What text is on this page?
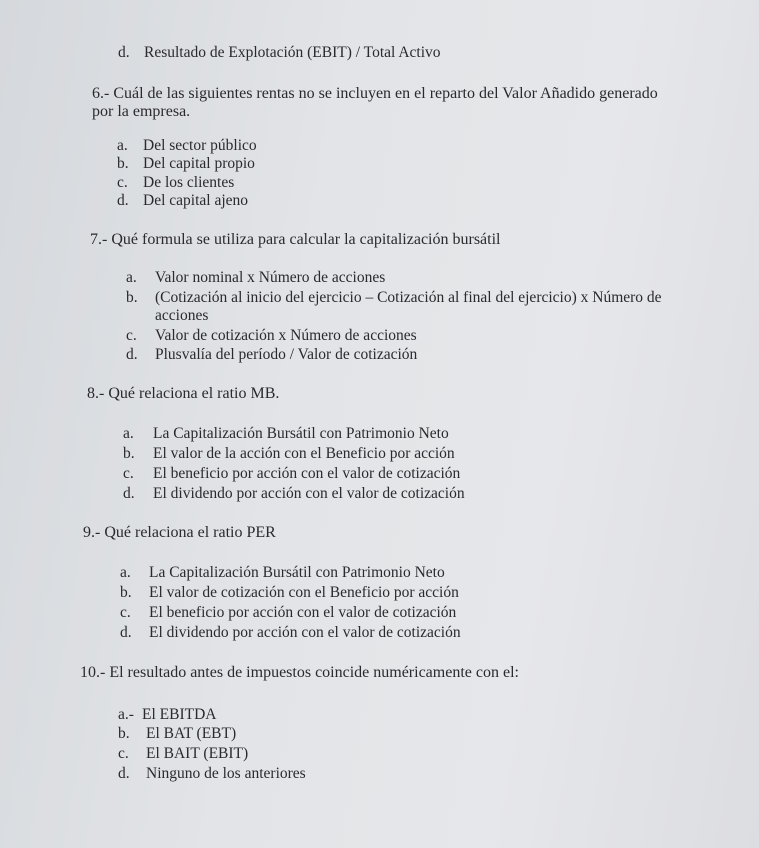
d. Resultado de Explotación (EBIT) / Total Activo
6.- Cuál de las siguientes rentas no se incluyen en el reparto del Valor Añadido generado
por la empresa.
a. Del sector público
b. Del capital propio
c. De los clientes
d. Del capital ajeno
7.- Qué formula se utiliza para calcular la capitalización bursátil
a. Valor nominal x Número de acciones
b. (Cotización al inicio del ejercicio – Cotización al final del ejercicio) x Número de
acciones
c. Valor de cotización x Número de acciones
d. Plusvalía del período / Valor de cotización
8.- Qué relaciona el ratio MB.
a. La Capitalización Bursátil con Patrimonio Neto
b. El valor de la acción con el Beneficio por acción
c. El beneficio por acción con el valor de cotización
d. El dividendo por acción con el valor de cotización
9.- Qué relaciona el ratio PER
a. La Capitalización Bursátil con Patrimonio Neto
b. El valor de cotización con el Beneficio por acción
c. El beneficio por acción con el valor de cotización
d. El dividendo por acción con el valor de cotización
10.- El resultado antes de impuestos coincide numéricamente con el:
a.- El EBITDA
b. El BAT (EBT)
c. El BAIT (EBIT)
d. Ninguno de los anteriores
